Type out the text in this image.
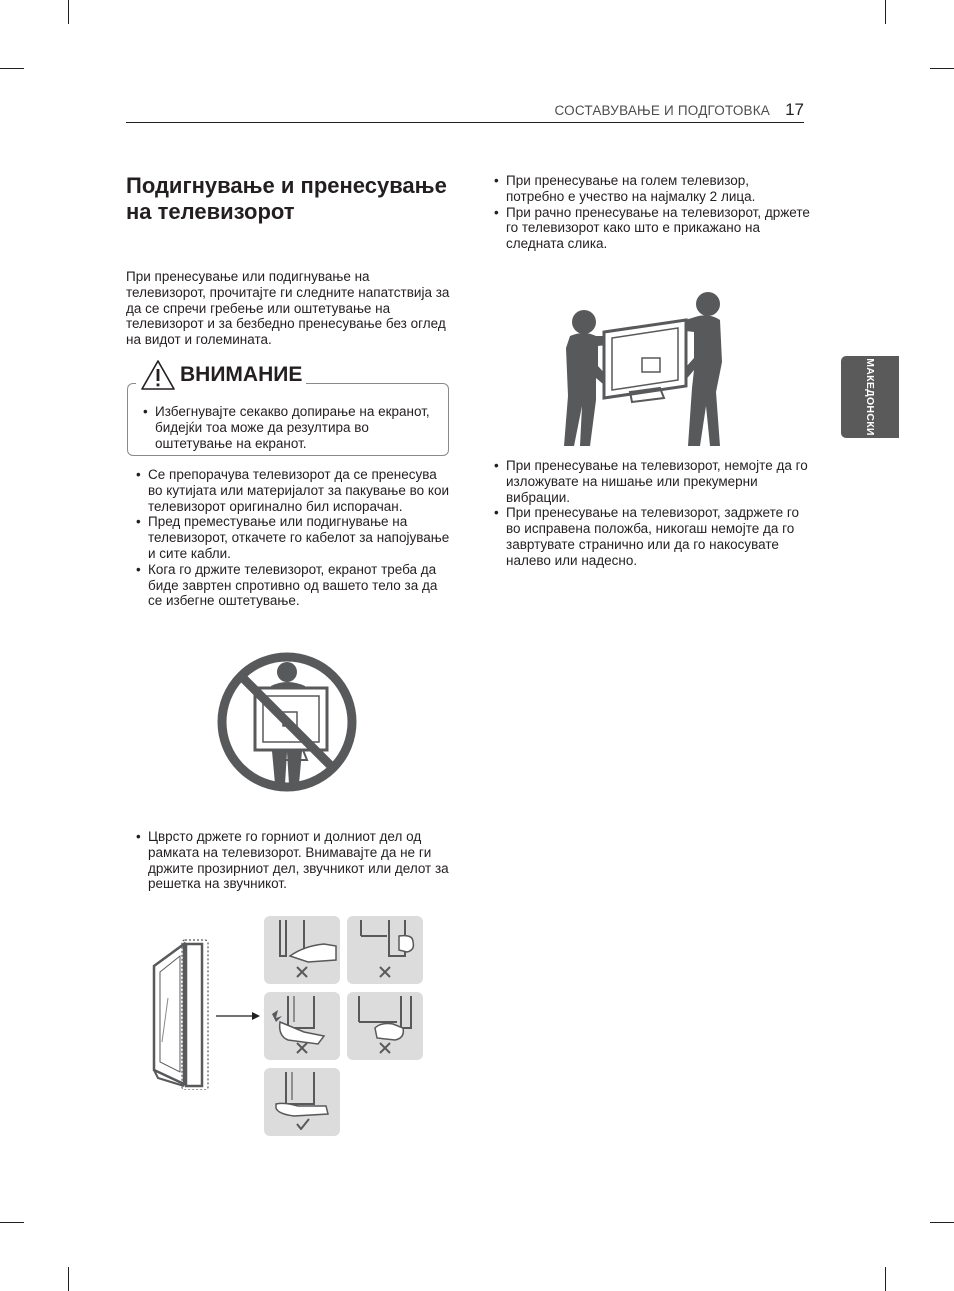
СОСТАВУВАЊЕ И ПОДГОТОВКА 17
МАКЕДОНСКИ
Подигнување и пренесување на телевизорот

При пренесување или подигнување на телевизорот, прочитајте ги следните напатствија за да се спречи гребење или оштетување на телевизорот и за безбедно пренесување без оглед на видот и големината.

ВНИМАНИЕ
• Избегнувајте секакво допирање на екранот, бидејќи тоа може да резултира во оштетување на екранот.
• Се препорачува телевизорот да се пренесува во кутијата или материјалот за пакување во кои телевизорот оригинално бил испорачан.
• Пред преместување или подигнување на телевизорот, откачете го кабелот за напојување и сите кабли.
• Кога го држите телевизорот, екранот треба да биде завртен спротивно од вашето тело за да се избегне оштетување.
• Цврсто држете го горниот и долниот дел од рамката на телевизорот. Внимавајте да не ги држите прозирниот дел, звучникот или делот за решетка на звучникот.
• При пренесување на голем телевизор, потребно е учество на најмалку 2 лица.
• При рачно пренесување на телевизорот, држете го телевизорот како што е прикажано на следната слика.
• При пренесување на телевизорот, немојте да го изложувате на нишање или прекумерни вибрации.
• При пренесување на телевизорот, задржете го во исправена положба, никогаш немојте да го завртувате странично или да го накосувате налево или надесно.
